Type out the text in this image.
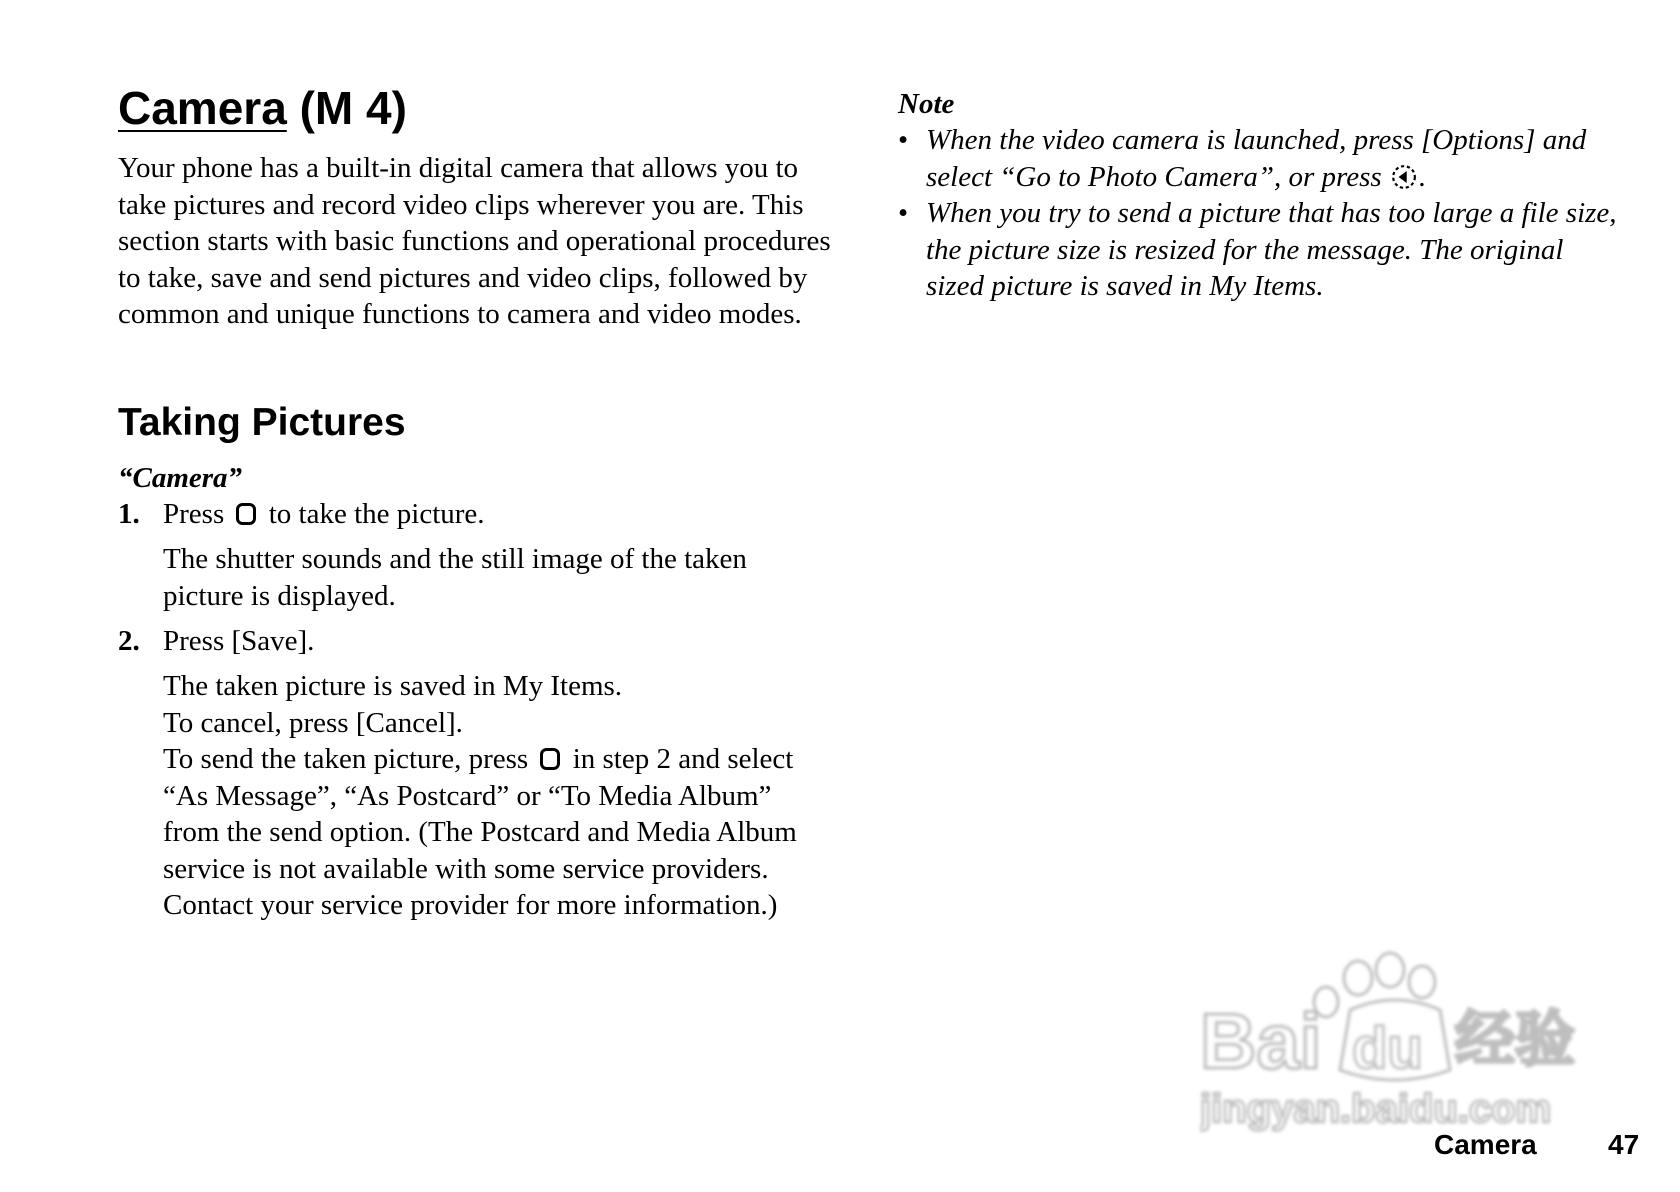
Camera (M 4)

Your phone has a built-in digital camera that allows you to take pictures and record video clips wherever you are. This section starts with basic functions and operational procedures to take, save and send pictures and video clips, followed by common and unique functions to camera and video modes.

Taking Pictures
“Camera”
1. Press to take the picture.

The shutter sounds and the still image of the taken picture is displayed.

2. Press [Save].

The taken picture is saved in My Items.
To cancel, press [Cancel].
To send the taken picture, press in step 2 and select “As Message”, “As Postcard” or “To Media Album” from the send option. (The Postcard and Media Album service is not available with some service providers. Contact your service provider for more information.)
Note
• When the video camera is launched, press [Options] and select “Go to Photo Camera”, or press .
• When you try to send a picture that has too large a file size, the picture size is resized for the message. The original sized picture is saved in My Items.
Bai du 经验
jingyan.baidu.com
Camera	47
